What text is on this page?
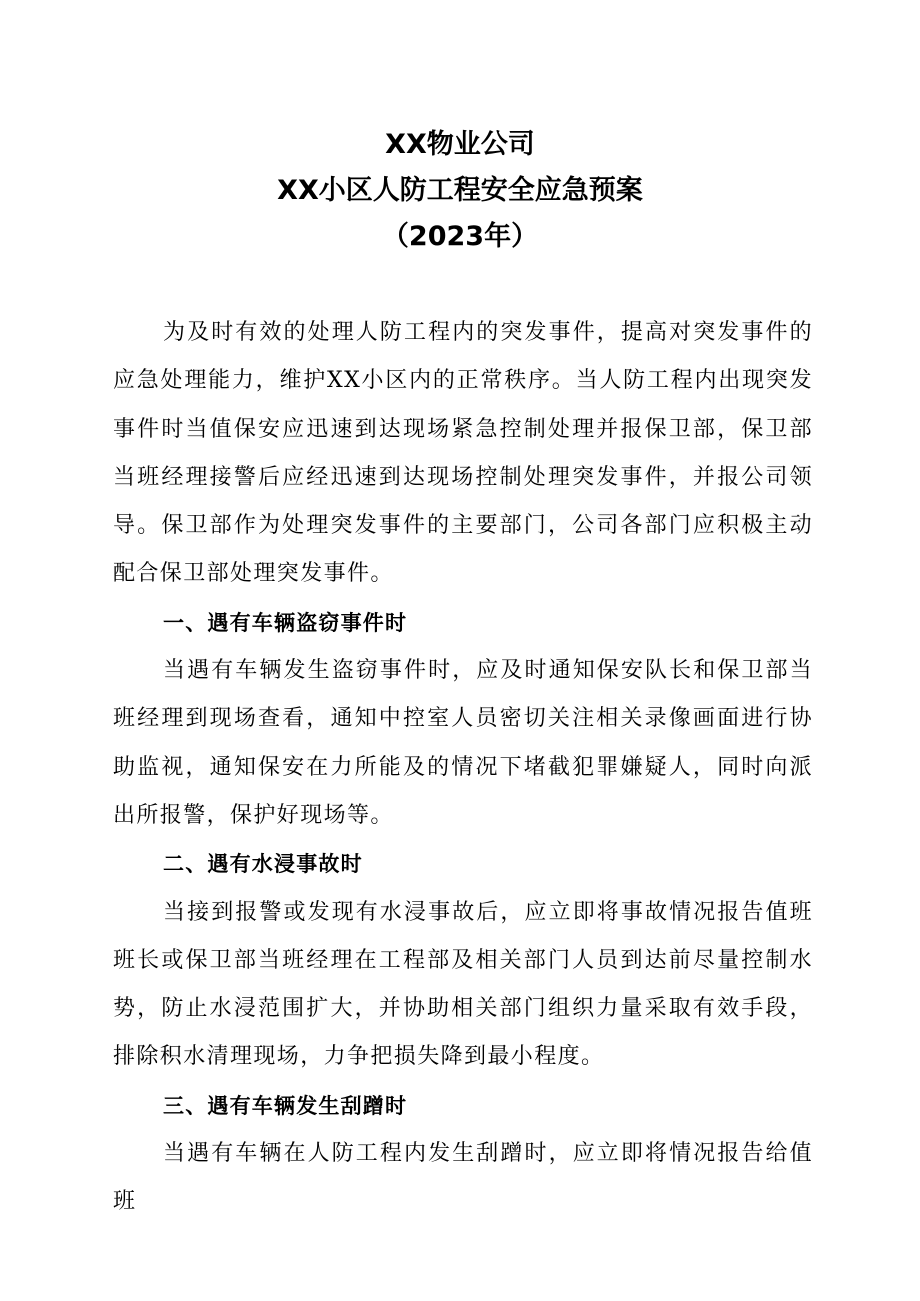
XX物业公司
XX小区人防工程安全应急预案
（2023年）

为及时有效的处理人防工程内的突发事件，提高对突发事件的应急处理能力，维护XX小区内的正常秩序。当人防工程内出现突发事件时当值保安应迅速到达现场紧急控制处理并报保卫部，保卫部当班经理接警后应经迅速到达现场控制处理突发事件，并报公司领导。保卫部作为处理突发事件的主要部门，公司各部门应积极主动配合保卫部处理突发事件。

一、遇有车辆盗窃事件时

当遇有车辆发生盗窃事件时，应及时通知保安队长和保卫部当班经理到现场查看，通知中控室人员密切关注相关录像画面进行协助监视，通知保安在力所能及的情况下堵截犯罪嫌疑人，同时向派出所报警，保护好现场等。

二、遇有水浸事故时

当接到报警或发现有水浸事故后，应立即将事故情况报告值班班长或保卫部当班经理在工程部及相关部门人员到达前尽量控制水势，防止水浸范围扩大，并协助相关部门组织力量采取有效手段，排除积水清理现场，力争把损失降到最小程度。

三、遇有车辆发生刮蹭时

当遇有车辆在人防工程内发生刮蹭时，应立即将情况报告给值班
